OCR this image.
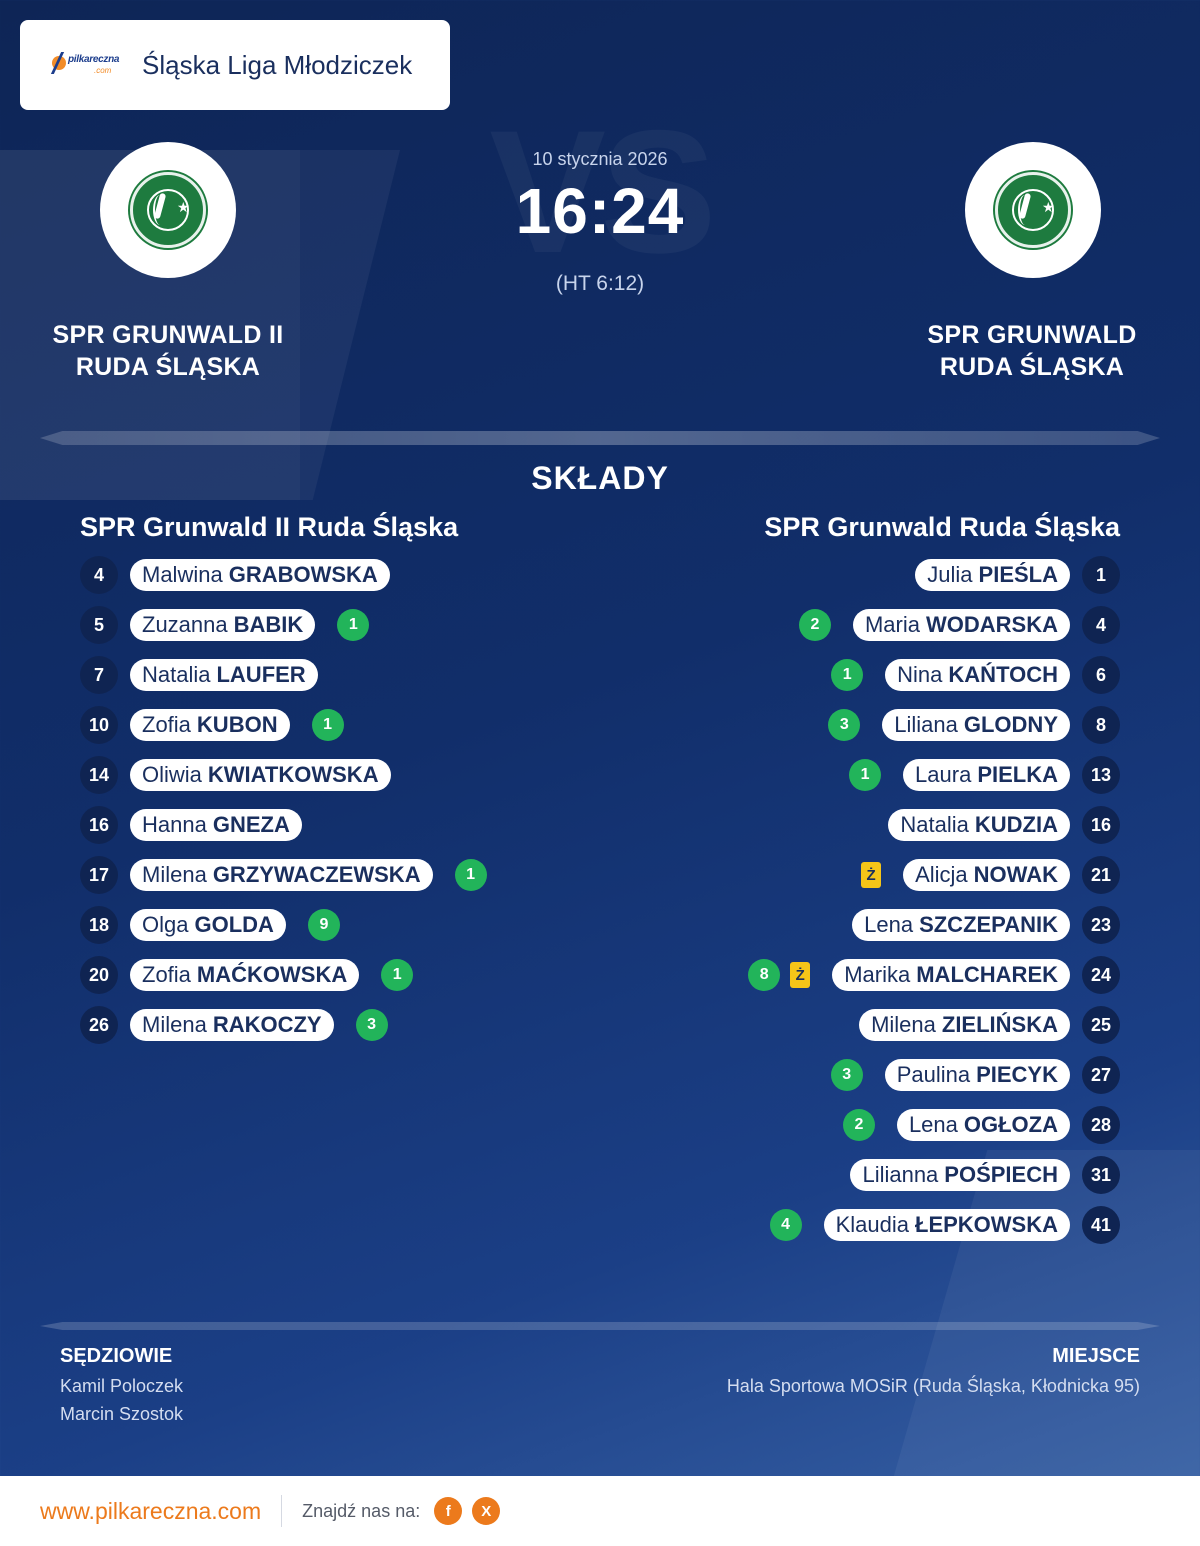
pilkareczna
.com Śląska Liga Młodziczek
★	★
SPR GRUNWALD II
RUDA ŚLĄSKA
SPR GRUNWALD
RUDA ŚLĄSKA
10 stycznia 2026
16:24
(HT 6:12)
SKŁADY
SPR Grunwald II Ruda Śląska	SPR Grunwald Ruda Śląska
4	Malwina GRABOWSKA
5	Zuzanna BABIK	1
7	Natalia LAUFER
10	Zofia KUBON	1
14	Oliwia KWIATKOWSKA
16	Hanna GNEZA
17	Milena GRZYWACZEWSKA	1
18	Olga GOLDA	9
20	Zofia MAĆKOWSKA	1
26	Milena RAKOCZY	3
Julia PIEŚLA	1
2	Maria WODARSKA	4
1	Nina KAŃTOCH	6
3	Liliana GLODNY	8
1	Laura PIELKA	13
Natalia KUDZIA	16
Ż Alicja NOWAK	21
Lena SZCZEPANIK	23
8	Ż Marika MALCHAREK	24
Milena ZIELIŃSKA	25
3	Paulina PIECYK	27
2	Lena OGŁOZA	28
Lilianna POŚPIECH	31
4	Klaudia ŁEPKOWSKA	41
SĘDZIOWIE
Kamil Poloczek
Marcin Szostok
MIEJSCE
Hala Sportowa MOSiR (Ruda Śląska, Kłodnicka 95)
www.pilkareczna.com Znajdź nas na:	f	X
